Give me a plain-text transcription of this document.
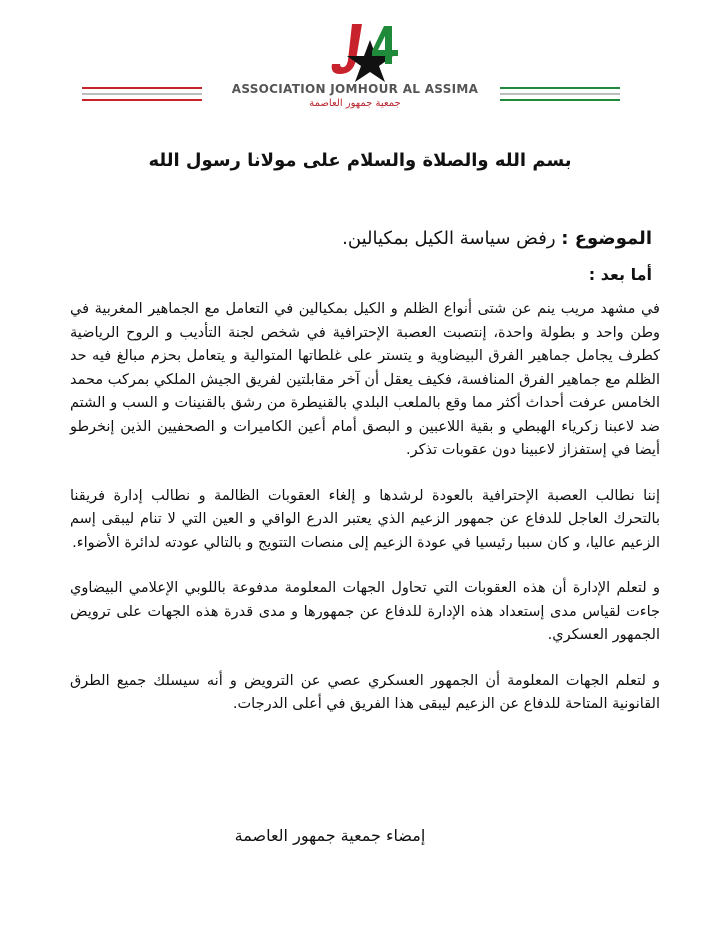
ASSOCIATION JOMHOUR AL ASSIMA
جمعية جمهور العاصمة
بسم الله والصلاة والسلام على مولانا رسول الله
الموضوع : رفض سياسة الكيل بمكيالين.
أما بعد :

في مشهد مريب ينم عن شتى أنواع الظلم و الكيل بمكيالين في التعامل مع الجماهير المغربية في وطن واحد و بطولة واحدة، إنتصبت العصبة الإحترافية في شخص لجنة التأديب و الروح الرياضية كطرف يجامل جماهير الفرق البيضاوية و يتستر على غلطاتها المتوالية و يتعامل بحزم مبالغ فيه حد الظلم مع جماهير الفرق المنافسة، فكيف يعقل أن آخر مقابلتين لفريق الجيش الملكي بمركب محمد الخامس عرفت أحداث أكثر مما وقع بالملعب البلدي بالقنيطرة من رشق بالقنينات و السب و الشتم ضد لاعبنا زكرياء الهبطي و بقية اللاعبين و البصق أمام أعين الكاميرات و الصحفيين الذين إنخرطو أيضا في إستفزاز لاعبينا دون عقوبات تذكر.

إننا نطالب العصبة الإحترافية بالعودة لرشدها و إلغاء العقوبات الظالمة و نطالب إدارة فريقنا بالتحرك العاجل للدفاع عن جمهور الزعيم الذي يعتبر الدرع الواقي و العين التي لا تنام ليبقى إسم الزعيم عاليا، و كان سببا رئيسيا في عودة الزعيم إلى منصات التتويج و بالتالي عودته لدائرة الأضواء.

و لتعلم الإدارة أن هذه العقوبات التي تحاول الجهات المعلومة مدفوعة باللوبي الإعلامي البيضاوي جاءت لقياس مدى إستعداد هذه الإدارة للدفاع عن جمهورها و مدى قدرة هذه الجهات على ترويض الجمهور العسكري.

و لتعلم الجهات المعلومة أن الجمهور العسكري عصي عن الترويض و أنه سيسلك جميع الطرق القانونية المتاحة للدفاع عن الزعيم ليبقى هذا الفريق في أعلى الدرجات.

إمضاء جمعية جمهور العاصمة
